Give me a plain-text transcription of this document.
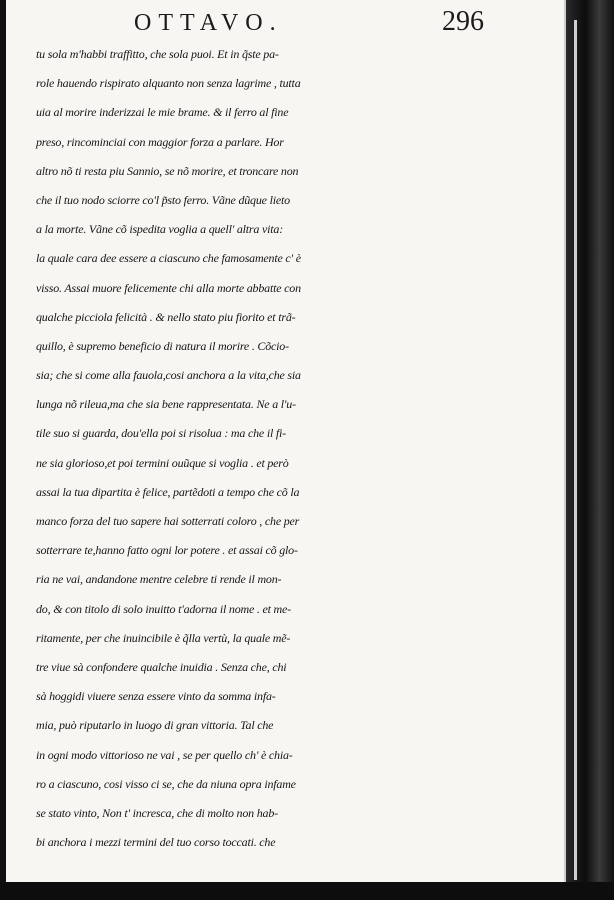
OTTAVO.	296
tu sola m'habbi traffitto, che sola puoi. Et in q̃ste pa-
role hauendo rispirato alquanto non senza lagrime , tutta
uia al morire inderizzai le mie brame. & il ferro al fine
preso, rincominciai con maggior forza a parlare. Hor
altro nõ ti resta piu Sannio, se nõ morire, et troncare non
che il tuo nodo sciorre co'l p̃sto ferro. Vãne dũque lieto
a la morte. Vãne cõ ispedita voglia a quell' altra vita:
la quale cara dee essere a ciascuno che famosamente c' è
visso. Assai muore felicemente chi alla morte abbatte con
qualche picciola felicità . & nello stato piu fiorito et trã-
quillo, è supremo beneficio di natura il morire . Cõcio-
sia; che si come alla fauola,cosi anchora a la vita,che sia
lunga nõ rileua,ma che sia bene rappresentata. Ne a l'u-
tile suo si guarda, dou'ella poi si risolua : ma che il fi-
ne sia glorioso,et poi termini ouũque si voglia . et però
assai la tua dipartita è felice, partẽdoti a tempo che cõ la
manco forza del tuo sapere hai sotterrati coloro , che per
sotterrare te,hanno fatto ogni lor potere . et assai cõ glo-
ria ne vai, andandone mentre celebre ti rende il mon-
do, & con titolo di solo inuitto t'adorna il nome . et me-
ritamente, per che inuincibile è q̃lla vertù, la quale mẽ-
tre viue sà confondere qualche inuidia . Senza che, chi
sà hoggidi viuere senza essere vinto da somma infa-
mia, può riputarlo in luogo di gran vittoria. Tal che
in ogni modo vittorioso ne vai , se per quello ch' è chia-
ro a ciascuno, cosi visso ci se, che da niuna opra infame
se stato vinto, Non t' incresca, che di molto non hab-
bi anchora i mezzi termini del tuo corso toccati. che
